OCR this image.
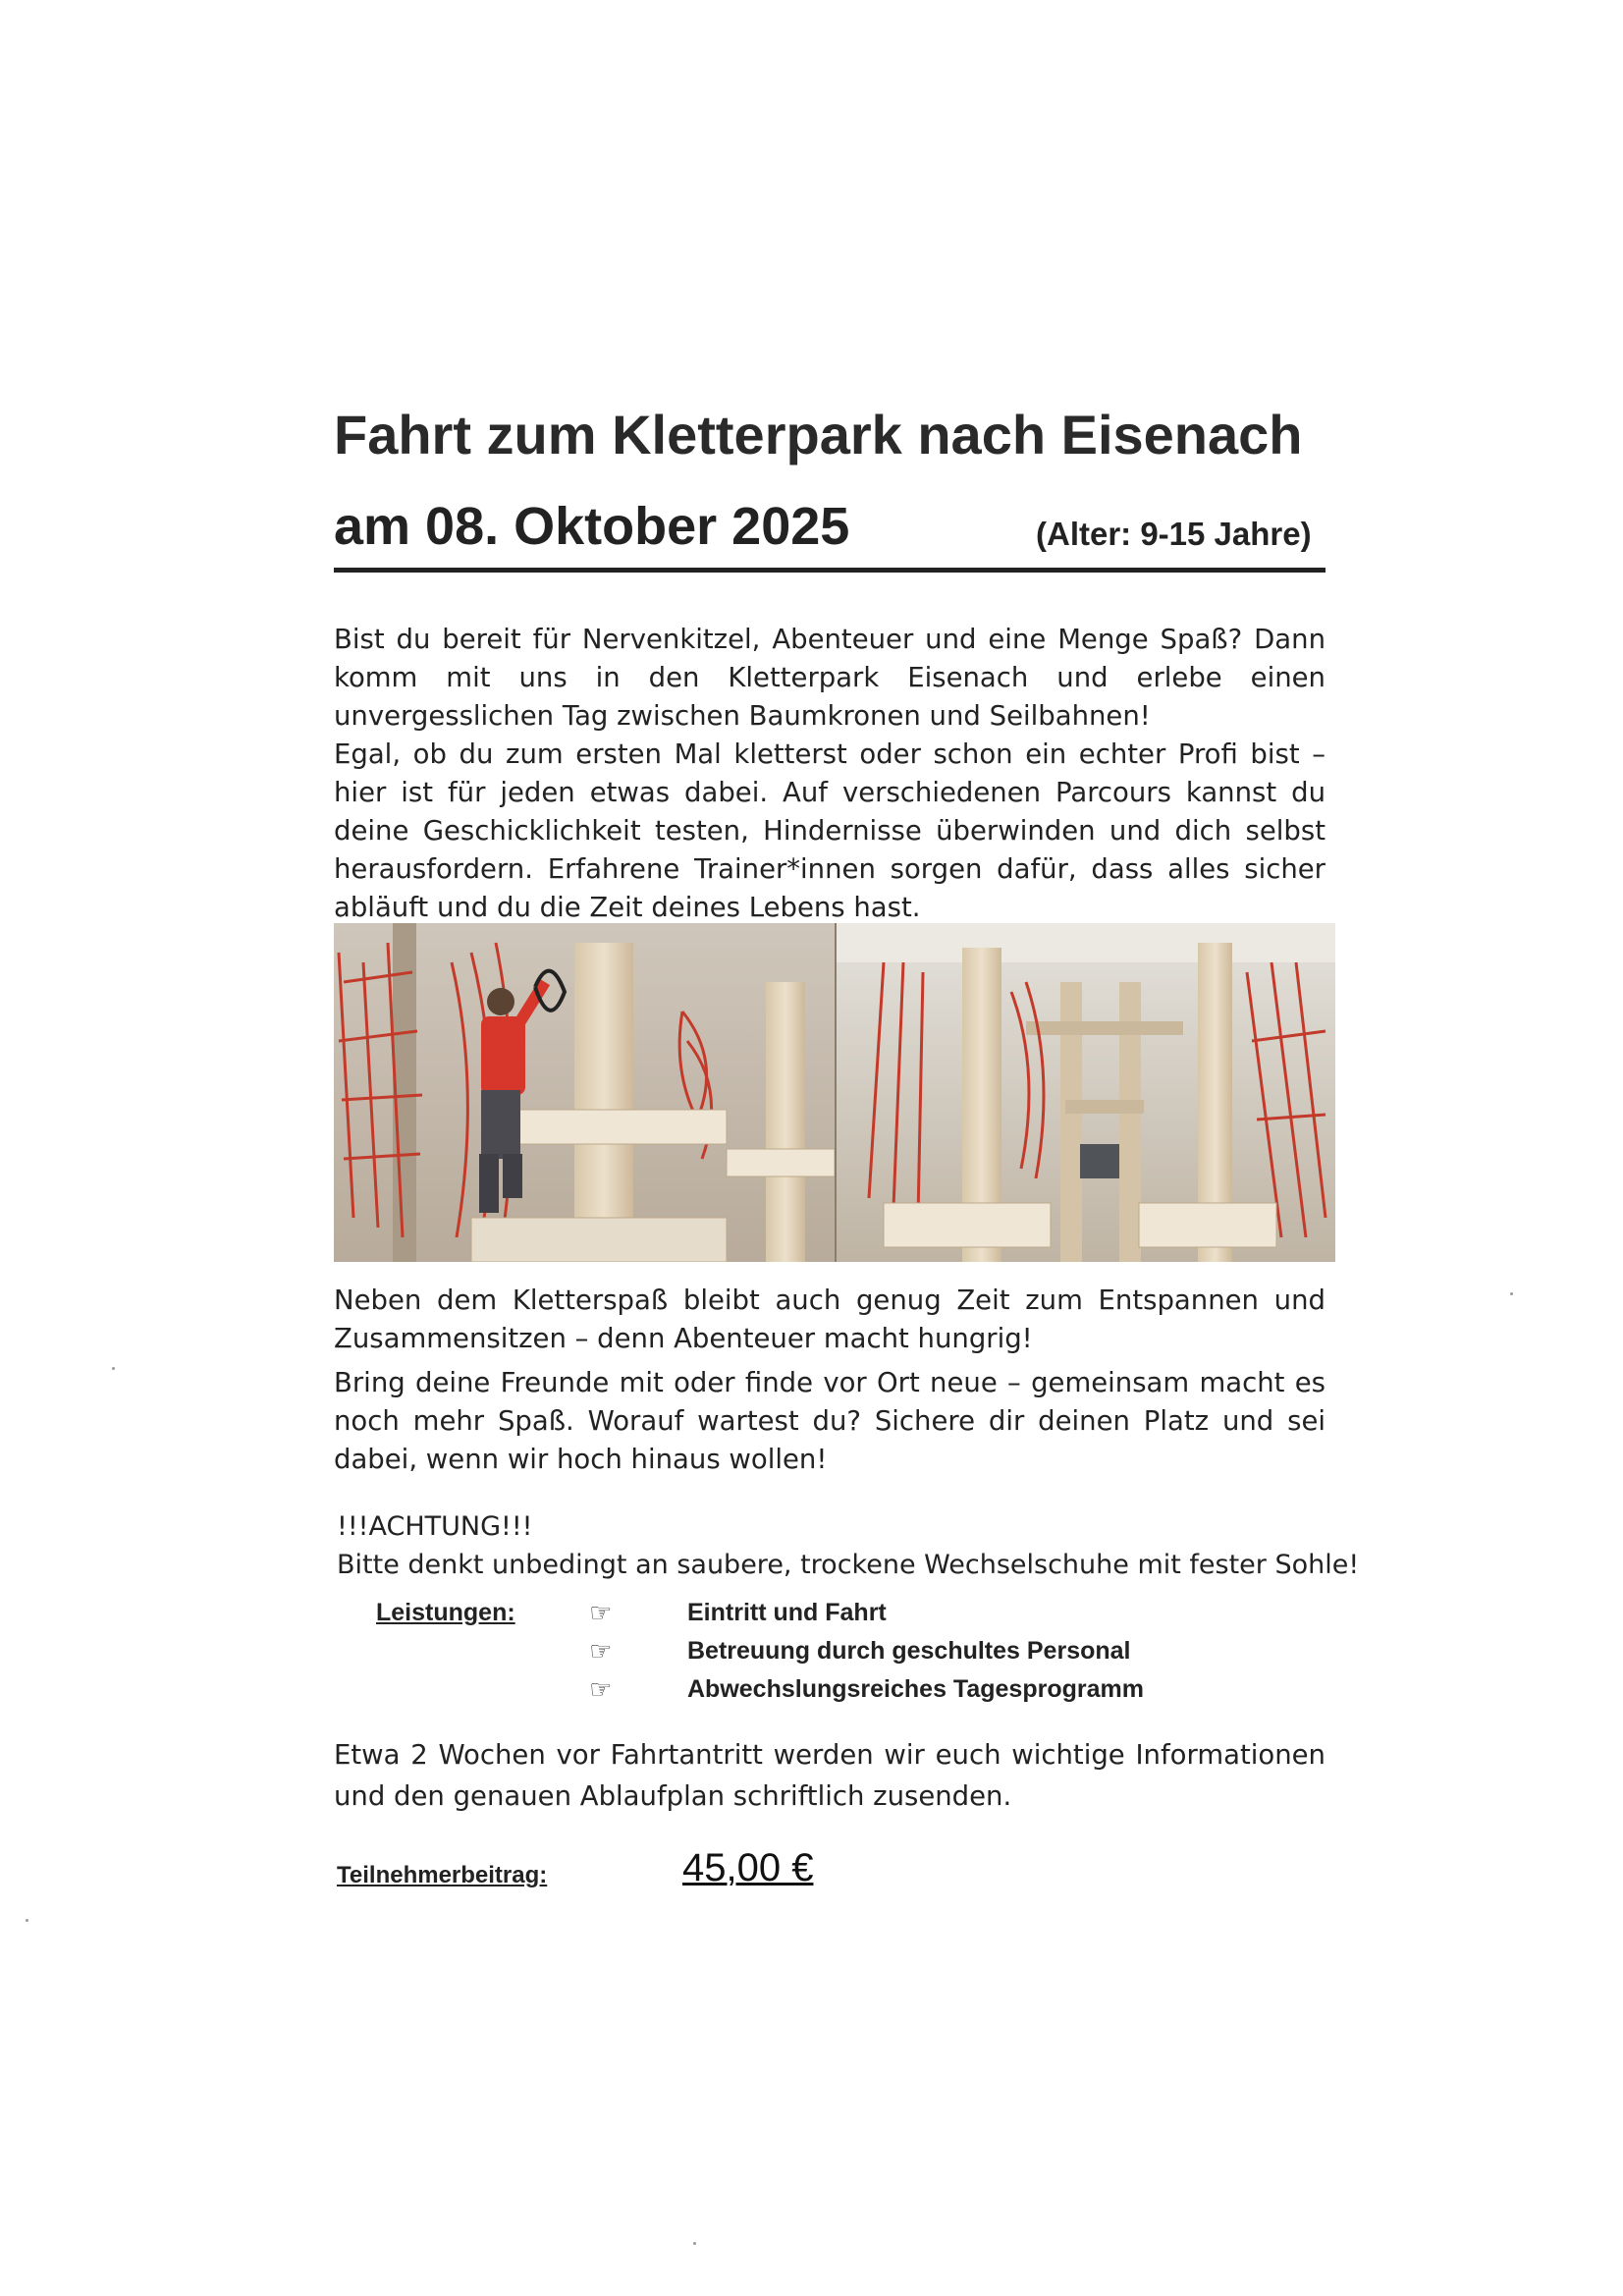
Fahrt zum Kletterpark nach Eisenach
am 08. Oktober 2025	(Alter: 9-15 Jahre)

Bist du bereit für Nervenkitzel, Abenteuer und eine Menge Spaß? Dann komm mit uns in den Kletterpark Eisenach und erlebe einen unvergesslichen Tag zwischen Baumkronen und Seilbahnen!

Egal, ob du zum ersten Mal kletterst oder schon ein echter Profi bist – hier ist für jeden etwas dabei. Auf verschiedenen Parcours kannst du deine Geschicklichkeit testen, Hindernisse überwinden und dich selbst herausfordern. Erfahrene Trainer*innen sorgen dafür, dass alles sicher abläuft und du die Zeit deines Lebens hast.

Neben dem Kletterspaß bleibt auch genug Zeit zum Entspannen und Zusammensitzen – denn Abenteuer macht hungrig!

Bring deine Freunde mit oder finde vor Ort neue – gemeinsam macht es noch mehr Spaß. Worauf wartest du? Sichere dir deinen Platz und sei dabei, wenn wir hoch hinaus wollen!

!!!ACHTUNG!!!
Bitte denkt unbedingt an saubere, trockene Wechselschuhe mit fester Sohle!
Leistungen:	☞	Eintritt und Fahrt
☞	Betreuung durch geschultes Personal
☞	Abwechslungsreiches Tagesprogramm
Etwa 2 Wochen vor Fahrtantritt werden wir euch wichtige Informationen und den genauen Ablaufplan schriftlich zusenden.
Teilnehmerbeitrag:	45,00 €
